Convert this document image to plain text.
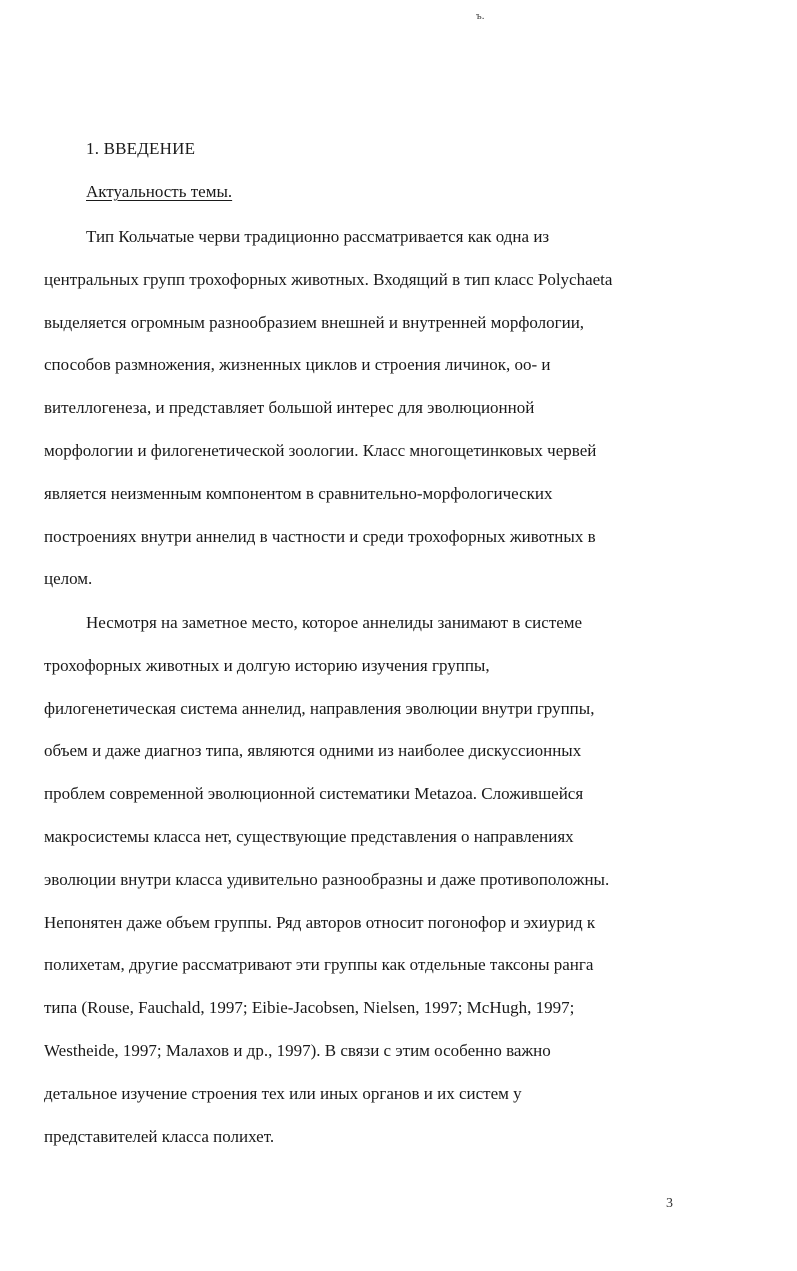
ъ.
1. ВВЕДЕНИЕ
Актуальность темы.

Тип Кольчатые черви традиционно рассматривается как одна из
центральных групп трохофорных животных. Входящий в тип класс Polychaeta
выделяется огромным разнообразием внешней и внутренней морфологии,
способов размножения, жизненных циклов и строения личинок, оо- и
вителлогенеза, и представляет большой интерес для эволюционной
морфологии и филогенетической зоологии. Класс многощетинковых червей
является неизменным компонентом в сравнительно-морфологических
построениях внутри аннелид в частности и среди трохофорных животных в
целом.

Несмотря на заметное место, которое аннелиды занимают в системе
трохофорных животных и долгую историю изучения группы,
филогенетическая система аннелид, направления эволюции внутри группы,
объем и даже диагноз типа, являются одними из наиболее дискуссионных
проблем современной эволюционной систематики Metazoa. Сложившейся
макросистемы класса нет, существующие представления о направлениях
эволюции внутри класса удивительно разнообразны и даже противоположны.
Непонятен даже объем группы. Ряд авторов относит погонофор и эхиурид к
полихетам, другие рассматривают эти группы как отдельные таксоны ранга
типа (Rouse, Fauchald, 1997; Eibie-Jacobsen, Nielsen, 1997; McHugh, 1997;
Westheide, 1997; Малахов и др., 1997). В связи с этим особенно важно
детальное изучение строения тех или иных органов и их систем у
представителей класса полихет.

3
